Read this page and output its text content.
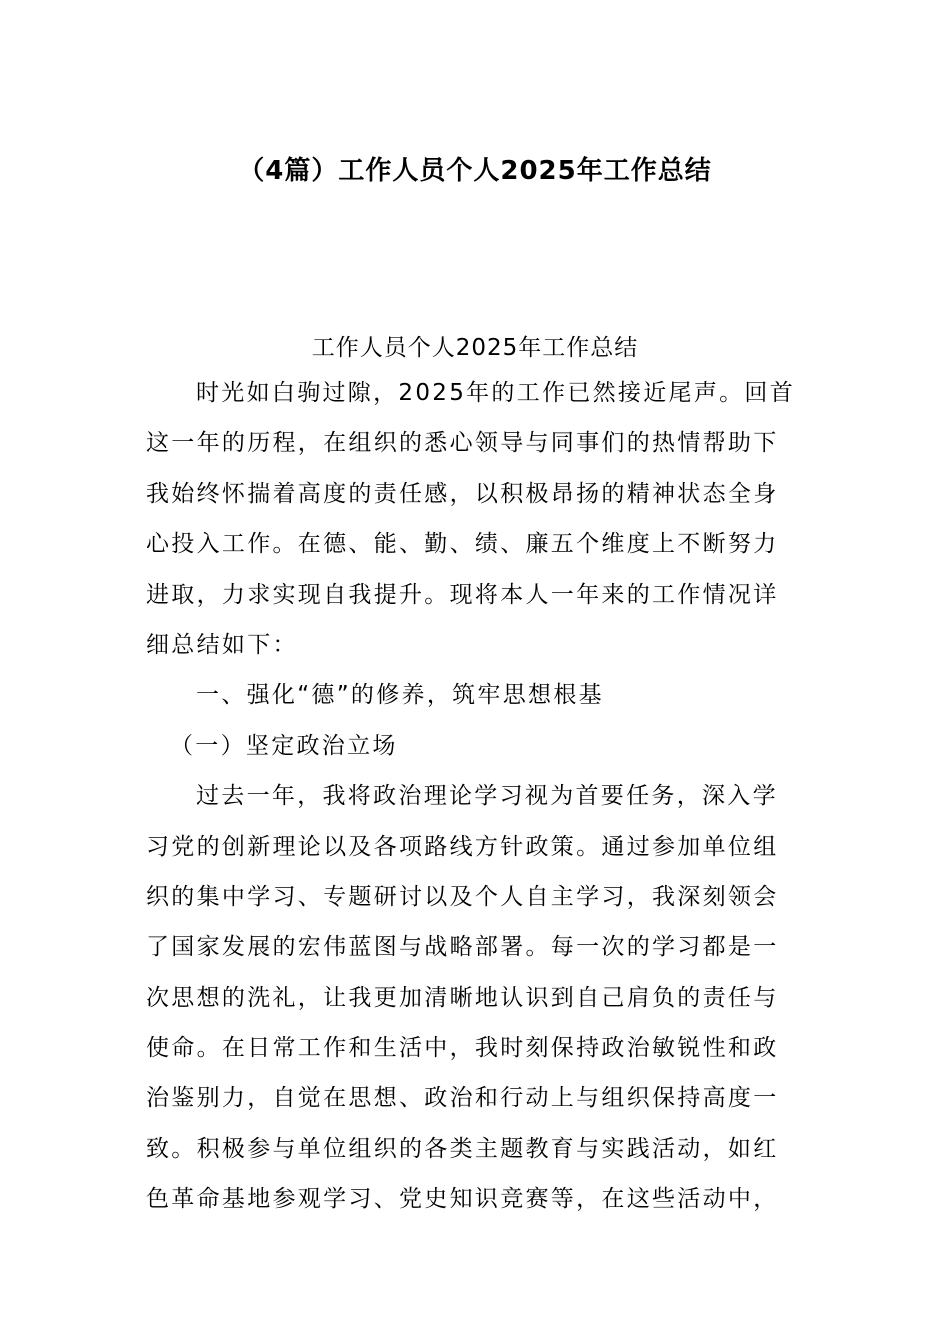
（4篇）工作人员个人2025年工作总结
工作人员个人2025年工作总结
时光如白驹过隙，2025年的工作已然接近尾声。回首
这一年的历程，在组织的悉心领导与同事们的热情帮助下
我始终怀揣着高度的责任感，以积极昂扬的精神状态全身
心投入工作。在德、能、勤、绩、廉五个维度上不断努力
进取，力求实现自我提升。现将本人一年来的工作情况详
细总结如下：
一、强化“德”的修养，筑牢思想根基
（一）坚定政治立场
过去一年，我将政治理论学习视为首要任务，深入学
习党的创新理论以及各项路线方针政策。通过参加单位组
织的集中学习、专题研讨以及个人自主学习，我深刻领会
了国家发展的宏伟蓝图与战略部署。每一次的学习都是一
次思想的洗礼，让我更加清晰地认识到自己肩负的责任与
使命。在日常工作和生活中，我时刻保持政治敏锐性和政
治鉴别力，自觉在思想、政治和行动上与组织保持高度一
致。积极参与单位组织的各类主题教育与实践活动，如红
色革命基地参观学习、党史知识竞赛等，在这些活动中，
